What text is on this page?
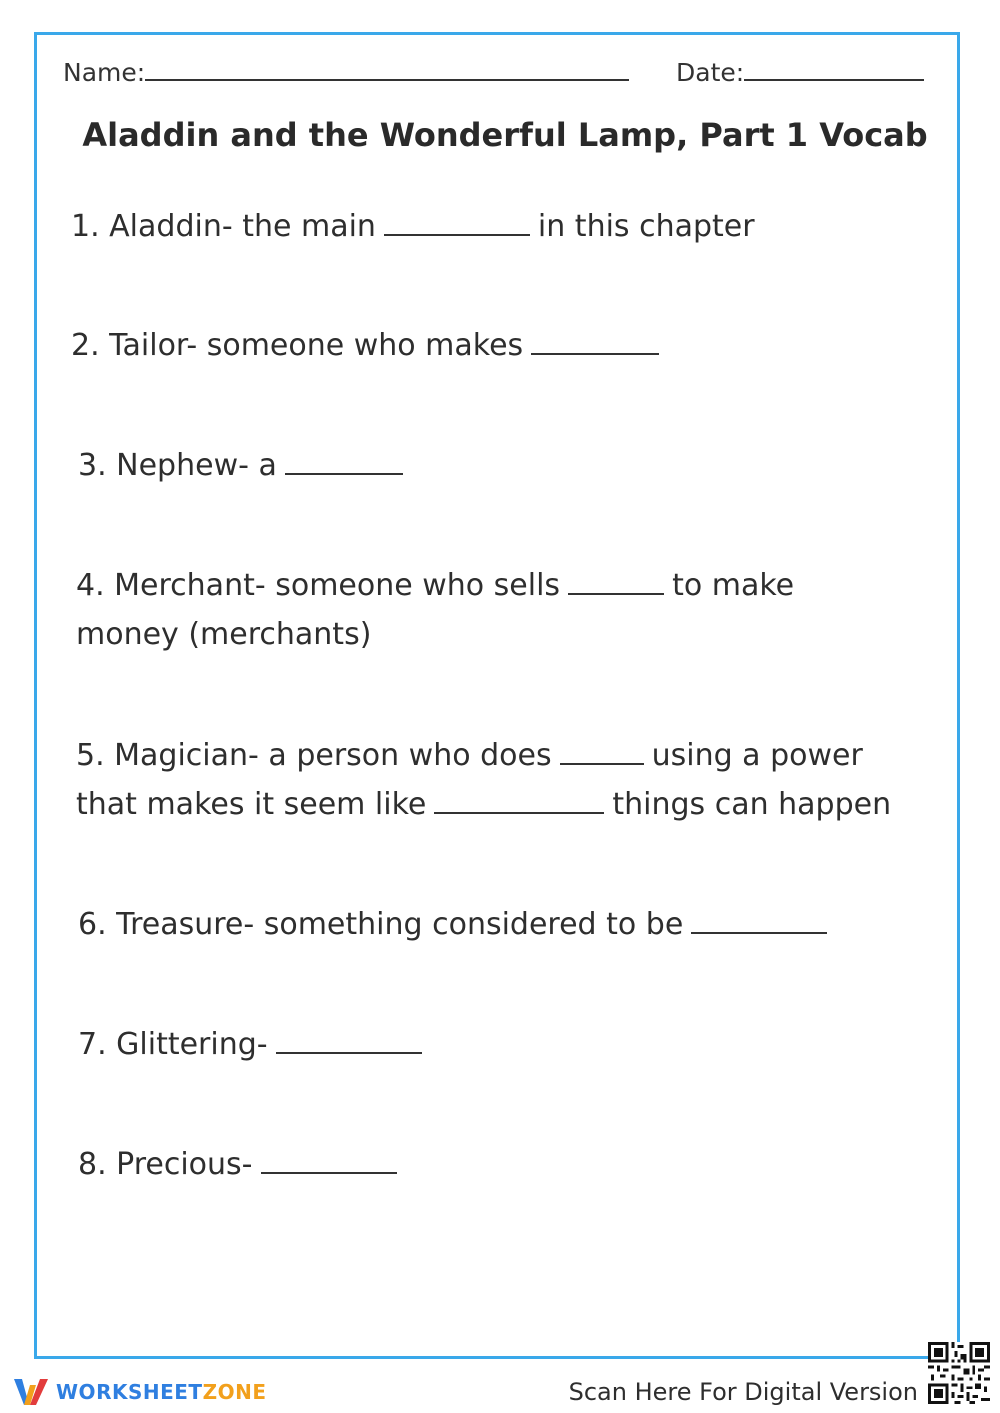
Name:	Date:
Aladdin and the Wonderful Lamp, Part 1 Vocab
1. Aladdin- the main	in this chapter
2. Tailor- someone who makes
3. Nephew- a
4. Merchant- someone who sells	to make
money (merchants)
5. Magician- a person who does	using a power
that makes it seem like	things can happen
6. Treasure- something considered to be
7. Glittering-
8. Precious-
WORKSHEETZONE	Scan Here For Digital Version
